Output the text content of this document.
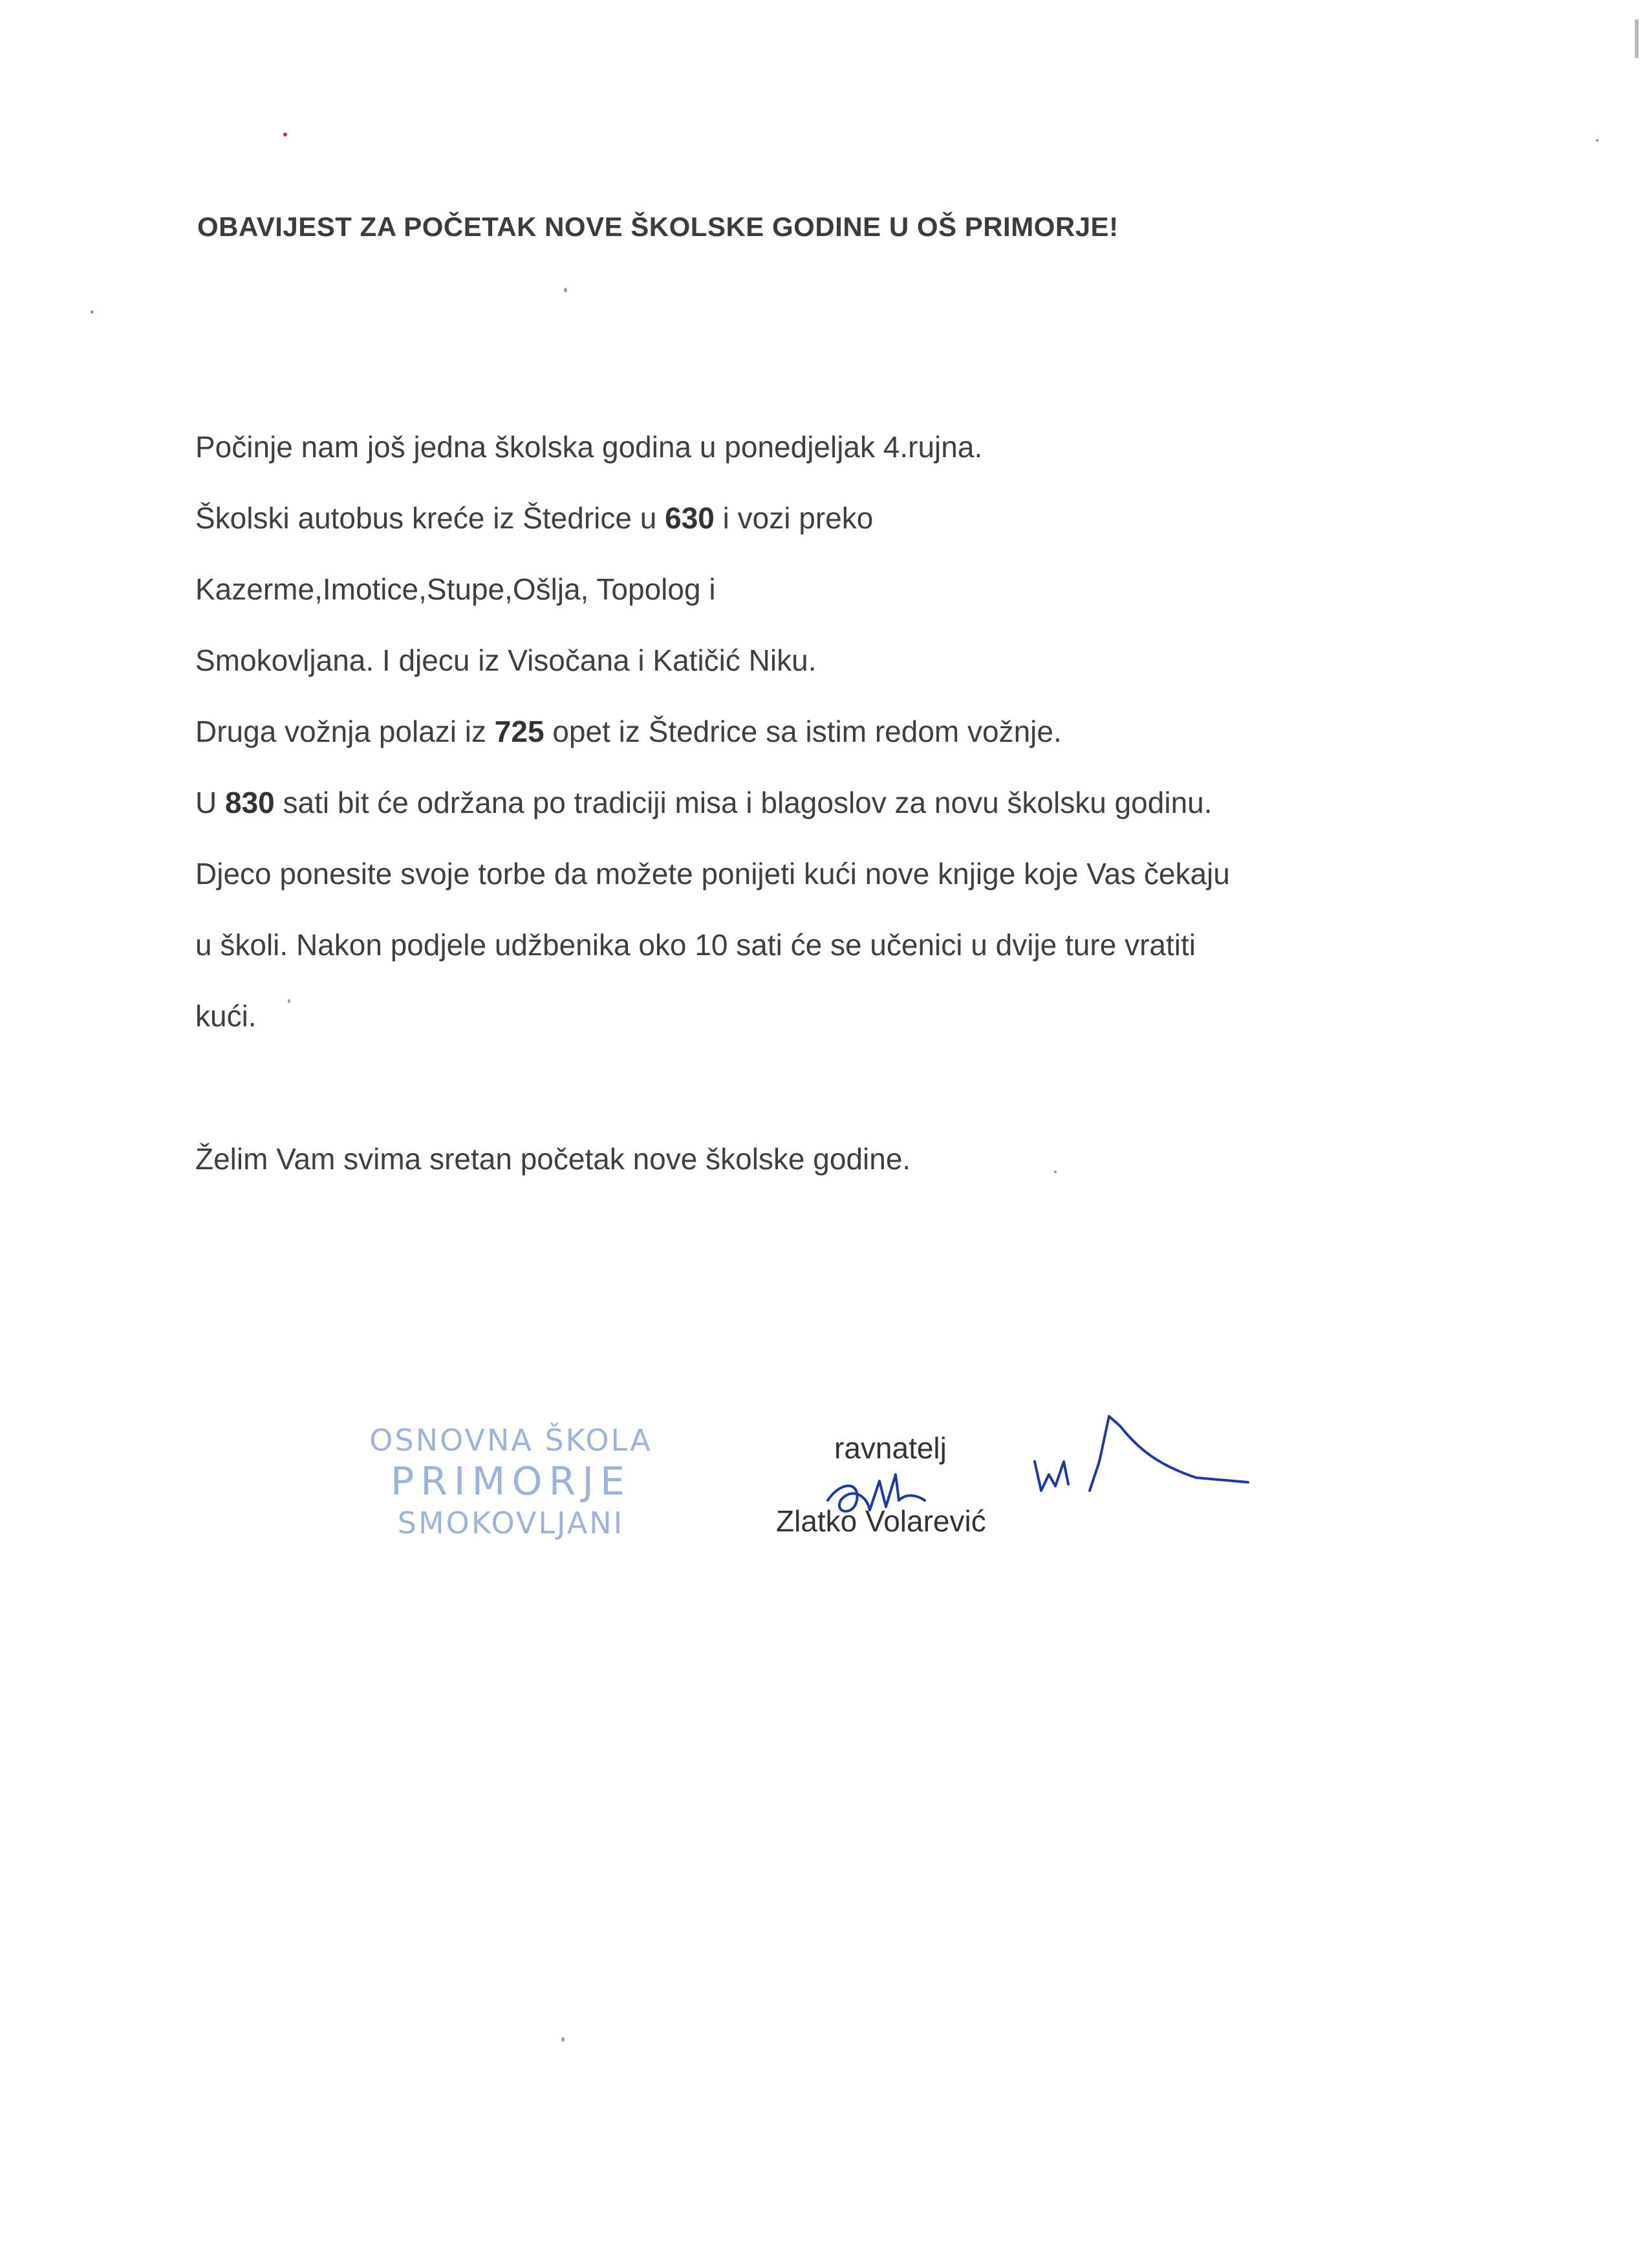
OBAVIJEST ZA POČETAK NOVE ŠKOLSKE GODINE U OŠ PRIMORJE!
Počinje nam još jedna školska godina u ponedjeljak 4.rujna.
Školski autobus kreće iz Štedrice u 630 i vozi preko
Kazerme,Imotice,Stupe,Ošlja, Topolog i
Smokovljana. I djecu iz Visočana i Katičić Niku.
Druga vožnja polazi iz 725 opet iz Štedrice sa istim redom vožnje.
U 830 sati bit će održana po tradiciji misa i blagoslov za novu školsku godinu.
Djeco ponesite svoje torbe da možete ponijeti kući nove knjige koje Vas čekaju
u školi. Nakon podjele udžbenika oko 10 sati će se učenici u dvije ture vratiti
kući.
Želim Vam svima sretan početak nove školske godine.
OSNOVNA ŠKOLA
PRIMORJE
SMOKOVLJANI
ravnatelj
Zlatko Volarević
